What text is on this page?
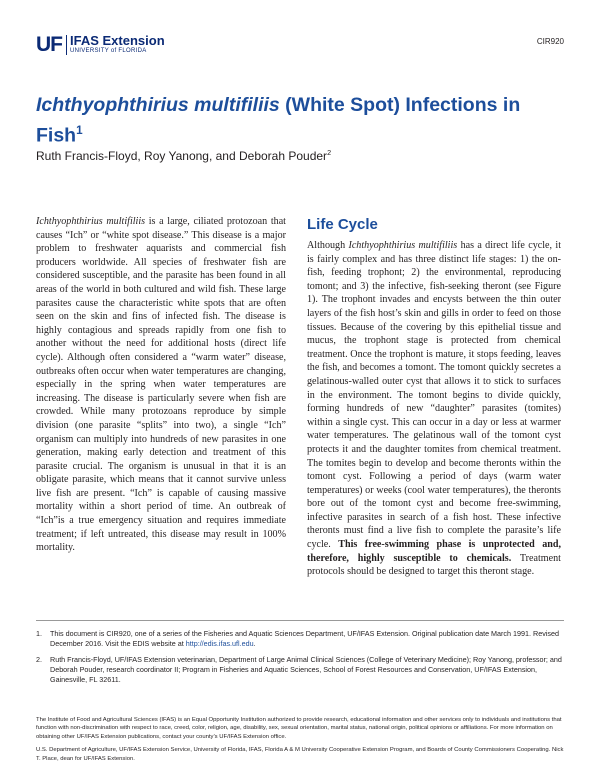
UF IFAS Extension
UNIVERSITY of FLORIDA
CIR920
Ichthyophthirius multifiliis (White Spot) Infections in Fish$^1$
Ruth Francis-Floyd, Roy Yanong, and Deborah Pouder$^2$

Ichthyophthirius multifiliis is a large, ciliated protozoan that causes “Ich” or “white spot disease.” This disease is a major problem to freshwater aquarists and commercial fish producers worldwide. All species of freshwater fish are considered susceptible, and the parasite has been found in all areas of the world in both cultured and wild fish. These large parasites cause the characteristic white spots that are often seen on the skin and fins of infected fish. The disease is highly contagious and spreads rapidly from one fish to another without the need for additional hosts (direct life cycle). Although often considered a “warm water” disease, outbreaks often occur when water temperatures are changing, especially in the spring when water temperatures are increasing. The disease is particularly severe when fish are crowded. While many protozoans reproduce by simple division (one parasite “splits” into two), a single “Ich” organism can multiply into hundreds of new parasites in one generation, making early detection and treatment of this parasite crucial. The organism is unusual in that it is an obligate parasite, which means that it cannot survive unless live fish are present. “Ich” is capable of causing massive mortality within a short period of time. An outbreak of “Ich”is a true emergency situation and requires immediate treatment; if left untreated, this disease may result in 100% mortality.

Life Cycle

Although Ichthyophthirius multifiliis has a direct life cycle, it is fairly complex and has three distinct life stages: 1) the on-fish, feeding trophont; 2) the environmental, reproducing tomont; and 3) the infective, fish-seeking theront (see Figure 1). The trophont invades and encysts between the thin outer layers of the fish host’s skin and gills in order to feed on those tissues. Because of the covering by this epithelial tissue and mucus, the trophont stage is protected from chemical treatment. Once the trophont is mature, it stops feeding, leaves the fish, and becomes a tomont. The tomont quickly secretes a gelatinous-walled outer cyst that allows it to stick to surfaces in the environment. The tomont begins to divide quickly, forming hundreds of new “daughter” parasites (tomites) within a single cyst. This can occur in a day or less at warmer water temperatures. The gelatinous wall of the tomont cyst protects it and the daughter tomites from chemical treatment. The tomites begin to develop and become theronts within the tomont cyst. Following a period of days (warm water temperatures) or weeks (cool water temperatures), the theronts bore out of the tomont cyst and become free-swimming, infective parasites in search of a fish host. These infective theronts must find a live fish to complete the parasite’s life cycle. This free-swimming phase is unprotected and, therefore, highly susceptible to chemicals. Treatment protocols should be designed to target this theront stage.

1.	This document is CIR920, one of a series of the Fisheries and Aquatic Sciences Department, UF/IFAS Extension. Original publication date March 1991. Revised December 2016. Visit the EDIS website at http://edis.ifas.ufl.edu.
2.	Ruth Francis-Floyd, UF/IFAS Extension veterinarian, Department of Large Animal Clinical Sciences (College of Veterinary Medicine); Roy Yanong, professor; and Deborah Pouder, research coordinator II; Program in Fisheries and Aquatic Sciences, School of Forest Resources and Conservation, UF/IFAS Extension, Gainesville, FL 32611.

The Institute of Food and Agricultural Sciences (IFAS) is an Equal Opportunity Institution authorized to provide research, educational information and other services only to individuals and institutions that function with non-discrimination with respect to race, creed, color, religion, age, disability, sex, sexual orientation, marital status, national origin, political opinions or affiliations. For more information on obtaining other UF/IFAS Extension publications, contact your county’s UF/IFAS Extension office.

U.S. Department of Agriculture, UF/IFAS Extension Service, University of Florida, IFAS, Florida A & M University Cooperative Extension Program, and Boards of County Commissioners Cooperating. Nick T. Place, dean for UF/IFAS Extension.
